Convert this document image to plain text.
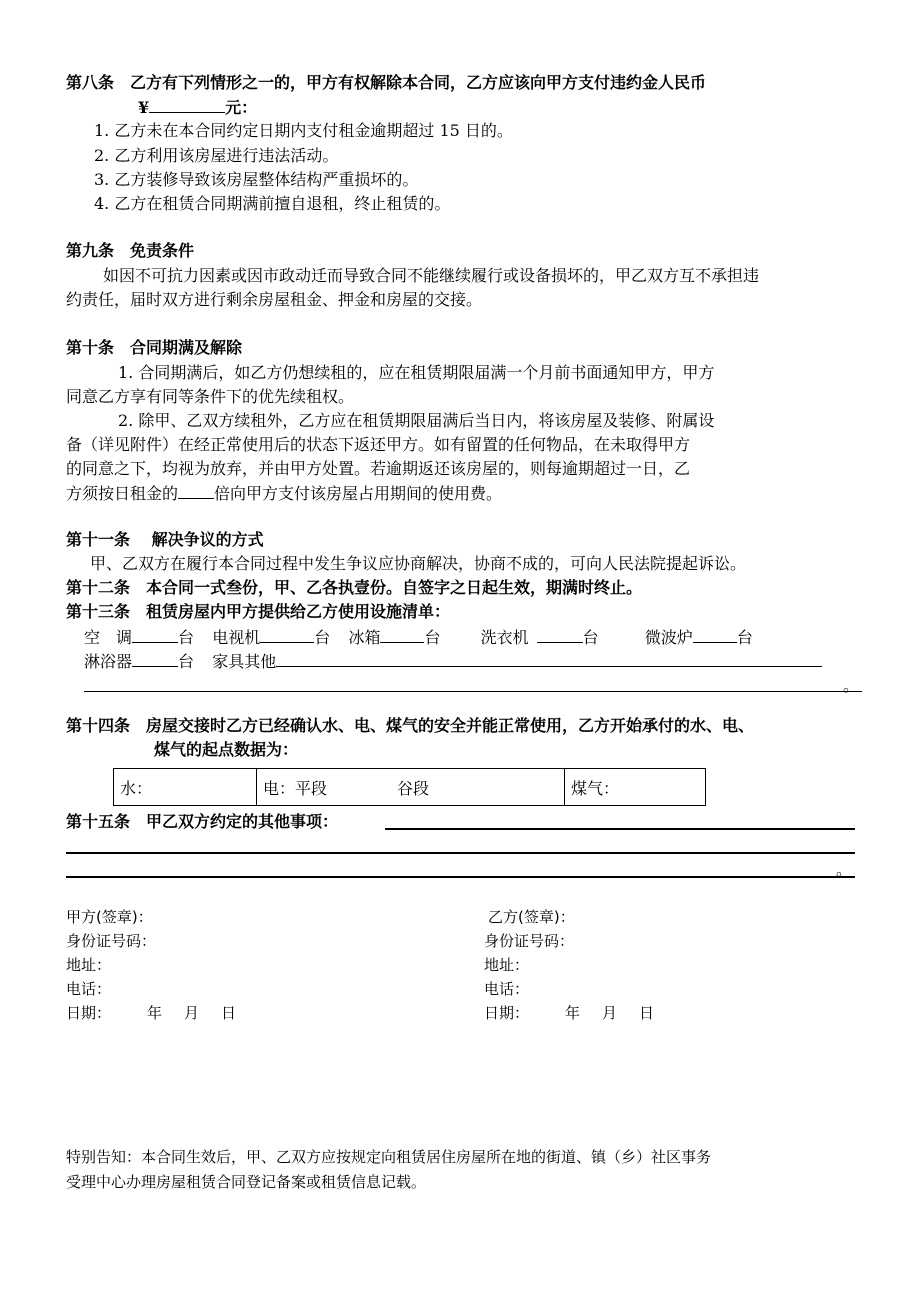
第八条　乙方有下列情形之一的，甲方有权解除本合同，乙方应该向甲方支付违约金人民币
¥	元：
1. 乙方未在本合同约定日期内支付租金逾期超过 15 日的。
2. 乙方利用该房屋进行违法活动。
3. 乙方装修导致该房屋整体结构严重损坏的。
4. 乙方在租赁合同期满前擅自退租，终止租赁的。
第九条　免责条件
如因不可抗力因素或因市政动迁而导致合同不能继续履行或设备损坏的，甲乙双方互不承担违
约责任，届时双方进行剩余房屋租金、押金和房屋的交接。
第十条　合同期满及解除
1. 合同期满后，如乙方仍想续租的，应在租赁期限届满一个月前书面通知甲方，甲方
同意乙方享有同等条件下的优先续租权。
2. 除甲、乙双方续租外，乙方应在租赁期限届满后当日内，将该房屋及装修、附属设
备（详见附件）在经正常使用后的状态下返还甲方。如有留置的任何物品，在未取得甲方
的同意之下，均视为放弃，并由甲方处置。若逾期返还该房屋的，则每逾期超过一日，乙
方须按日租金的 倍向甲方支付该房屋占用期间的使用费。
第十一条　 解决争议的方式
甲、乙双方在履行本合同过程中发生争议应协商解决，协商不成的，可向人民法院提起诉讼。
第十二条　本合同一式叁份，甲、乙各执壹份。自签字之日起生效，期满时终止。
第十三条　租赁房屋内甲方提供给乙方使用设施清单：
空　调	台 电视机	台 冰箱	台	洗衣机	台	微波炉	台
淋浴器	台 家具其他
。
第十四条　房屋交接时乙方已经确认水、电、煤气的安全并能正常使用，乙方开始承付的水、电、
煤气的起点数据为：
水：	电：平段	谷段	煤气：
第十五条　甲乙双方约定的其他事项：
。
甲方(签章)：
身份证号码：
地址：
电话：
日期： 年 月 日
乙方(签章)：
身份证号码：
地址：
电话：
日期： 年 月 日
特别告知：本合同生效后，甲、乙双方应按规定向租赁居住房屋所在地的街道、镇（乡）社区事务
受理中心办理房屋租赁合同登记备案或租赁信息记载。
